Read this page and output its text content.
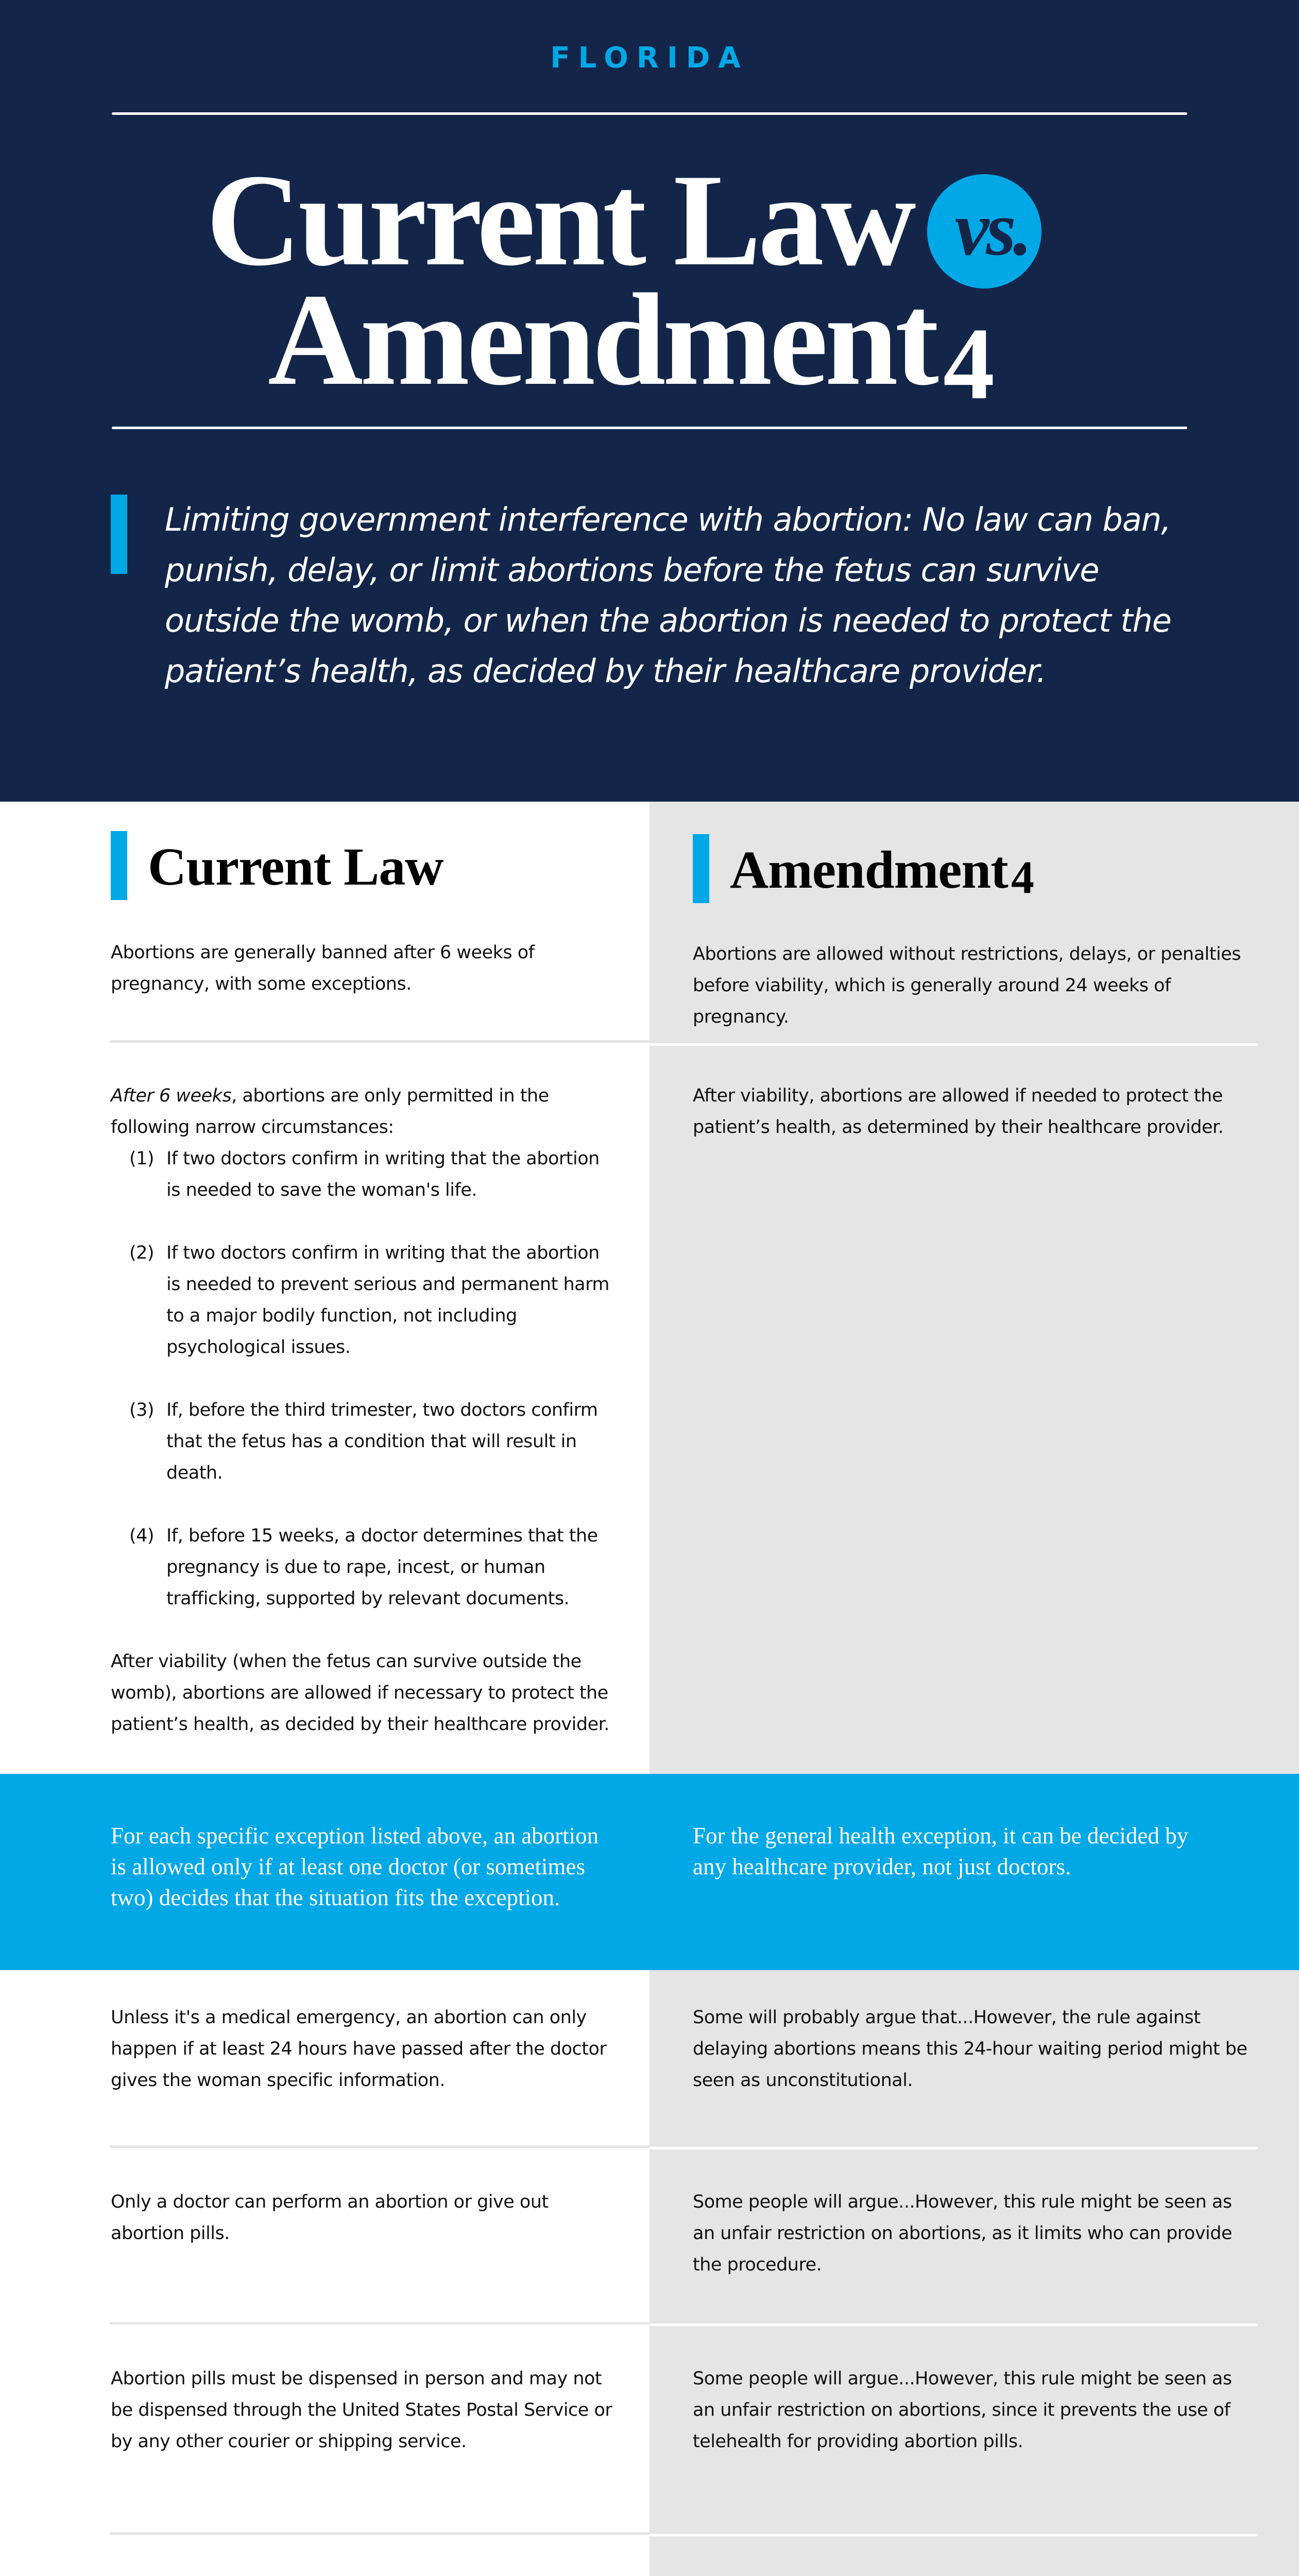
FLORIDA
Current Law
Amendment4
vs.

Limiting government interference with abortion: No law can ban, punish, delay, or limit abortions before the fetus can survive outside the womb, or when the abortion is needed to protect the patient’s health, as decided by their healthcare provider.

Current Law

Abortions are generally banned after 6 weeks of pregnancy, with some exceptions.

Amendment4

Abortions are allowed without restrictions, delays, or penalties before viability, which is generally around 24 weeks of pregnancy.

After 6 weeks, abortions are only permitted in the following narrow circumstances:

(1) If two doctors confirm in writing that the abortion is needed to save the woman's life.
(2) If two doctors confirm in writing that the abortion is needed to prevent serious and permanent harm to a major bodily function, not including psychological issues.
(3) If, before the third trimester, two doctors confirm that the fetus has a condition that will result in death.
(4) If, before 15 weeks, a doctor determines that the pregnancy is due to rape, incest, or human trafficking, supported by relevant documents.

After viability (when the fetus can survive outside the womb), abortions are allowed if necessary to protect the patient’s health, as decided by their healthcare provider.

After viability, abortions are allowed if needed to protect the patient’s health, as determined by their healthcare provider.

For each specific exception listed above, an abortion is allowed only if at least one doctor (or sometimes two) decides that the situation fits the exception.

For the general health exception, it can be decided by any healthcare provider, not just doctors.

Unless it's a medical emergency, an abortion can only happen if at least 24 hours have passed after the doctor gives the woman specific information.

Some will probably argue that...However, the rule against delaying abortions means this 24-hour waiting period might be seen as unconstitutional.

Only a doctor can perform an abortion or give out abortion pills.

Some people will argue...However, this rule might be seen as an unfair restriction on abortions, as it limits who can provide the procedure.

Abortion pills must be dispensed in person and may not be dispensed through the United States Postal Service or by any other courier or shipping service.

Some people will argue...However, this rule might be seen as an unfair restriction on abortions, since it prevents the use of telehealth for providing abortion pills.
